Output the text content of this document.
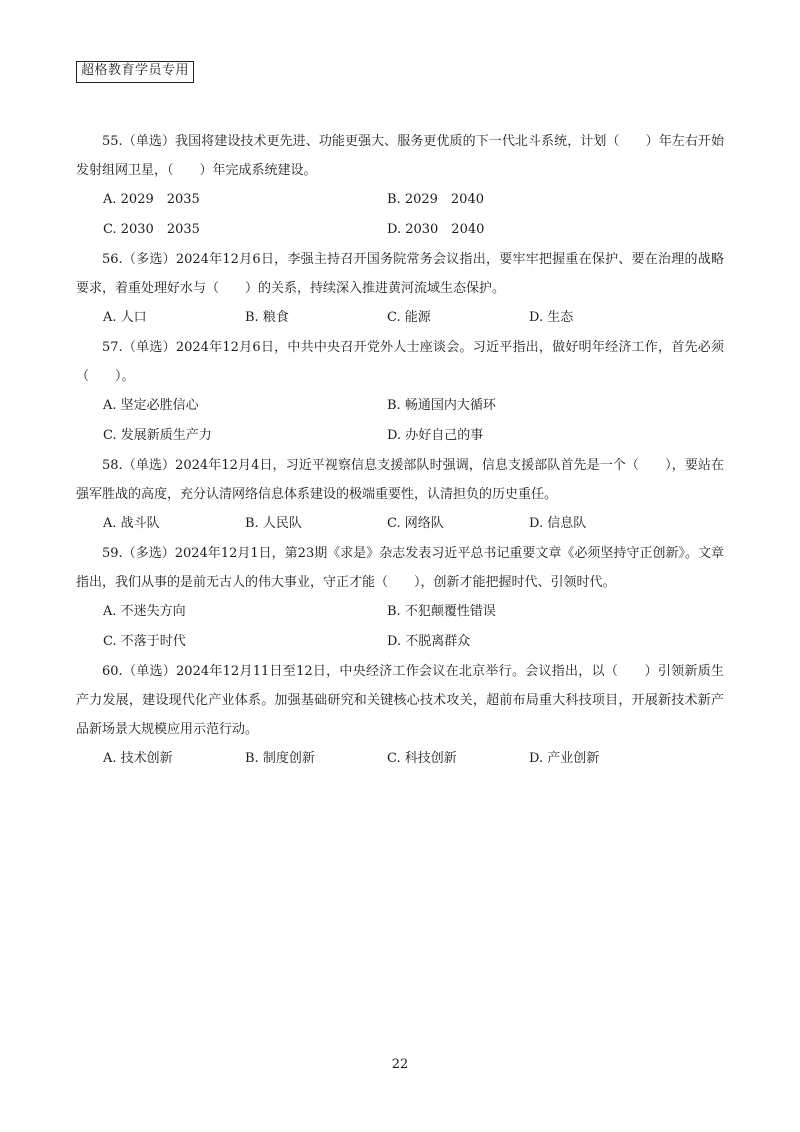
超格教育学员专用

55.（单选）我国将建设技术更先进、功能更强大、服务更优质的下一代北斗系统，计划（　　）年左右开始发射组网卫星，（　　）年完成系统建设。

A. 2029　2035	B. 2029　2040
C. 2030　2035	D. 2030　2040

56.（多选）2024年12月6日，李强主持召开国务院常务会议指出，要牢牢把握重在保护、要在治理的战略要求，着重处理好水与（　　）的关系，持续深入推进黄河流域生态保护。

A. 人口	B. 粮食	C. 能源	D. 生态

57.（单选）2024年12月6日，中共中央召开党外人士座谈会。习近平指出，做好明年经济工作，首先必须（　　）。

A. 坚定必胜信心	B. 畅通国内大循环
C. 发展新质生产力	D. 办好自己的事

58.（单选）2024年12月4日，习近平视察信息支援部队时强调，信息支援部队首先是一个（　　），要站在强军胜战的高度，充分认清网络信息体系建设的极端重要性，认清担负的历史重任。

A. 战斗队	B. 人民队	C. 网络队	D. 信息队

59.（多选）2024年12月1日，第23期《求是》杂志发表习近平总书记重要文章《必须坚持守正创新》。文章指出，我们从事的是前无古人的伟大事业，守正才能（　　），创新才能把握时代、引领时代。

A. 不迷失方向	B. 不犯颠覆性错误
C. 不落于时代	D. 不脱离群众

60.（单选）2024年12月11日至12日，中央经济工作会议在北京举行。会议指出，以（　　）引领新质生产力发展，建设现代化产业体系。加强基础研究和关键核心技术攻关，超前布局重大科技项目，开展新技术新产品新场景大规模应用示范行动。

A. 技术创新	B. 制度创新	C. 科技创新	D. 产业创新
22
